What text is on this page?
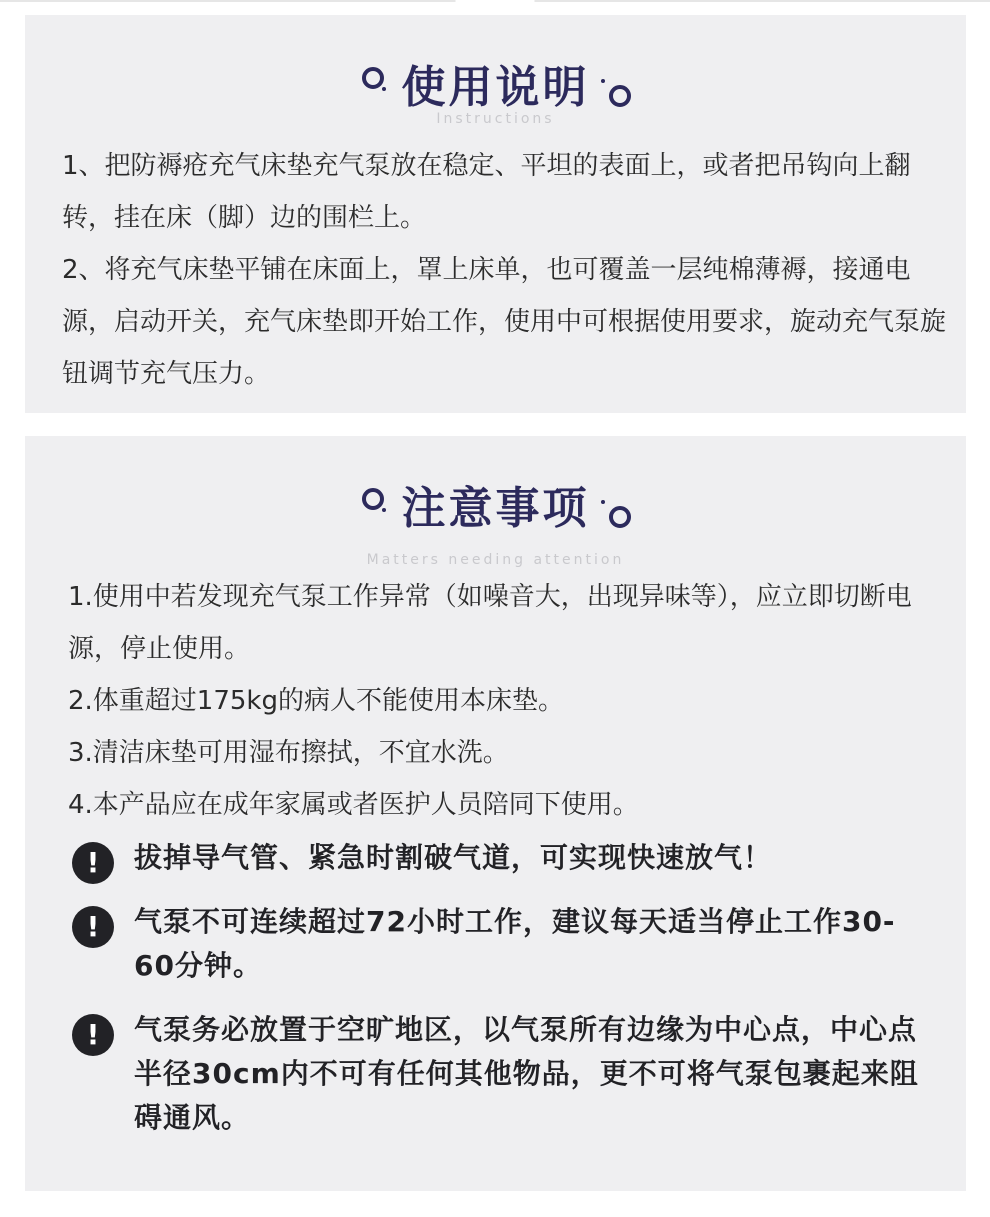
使用说明
Instructions

1、把防褥疮充气床垫充气泵放在稳定、平坦的表面上，或者把吊钩向上翻转，挂在床（脚）边的围栏上。

2、将充气床垫平铺在床面上，罩上床单，也可覆盖一层纯棉薄褥，接通电源，启动开关，充气床垫即开始工作，使用中可根据使用要求，旋动充气泵旋钮调节充气压力。

注意事项
Matters needing attention

1.使用中若发现充气泵工作异常（如噪音大，出现异味等），应立即切断电源，停止使用。

2.体重超过175kg的病人不能使用本床垫。

3.清洁床垫可用湿布擦拭，不宜水洗。

4.本产品应在成年家属或者医护人员陪同下使用。

!	拔掉导气管、紧急时割破气道，可实现快速放气！
!	气泵不可连续超过72小时工作，建议每天适当停止工作30-60分钟。
!	气泵务必放置于空旷地区，以气泵所有边缘为中心点，中心点半径30cm内不可有任何其他物品，更不可将气泵包裹起来阻碍通风。
